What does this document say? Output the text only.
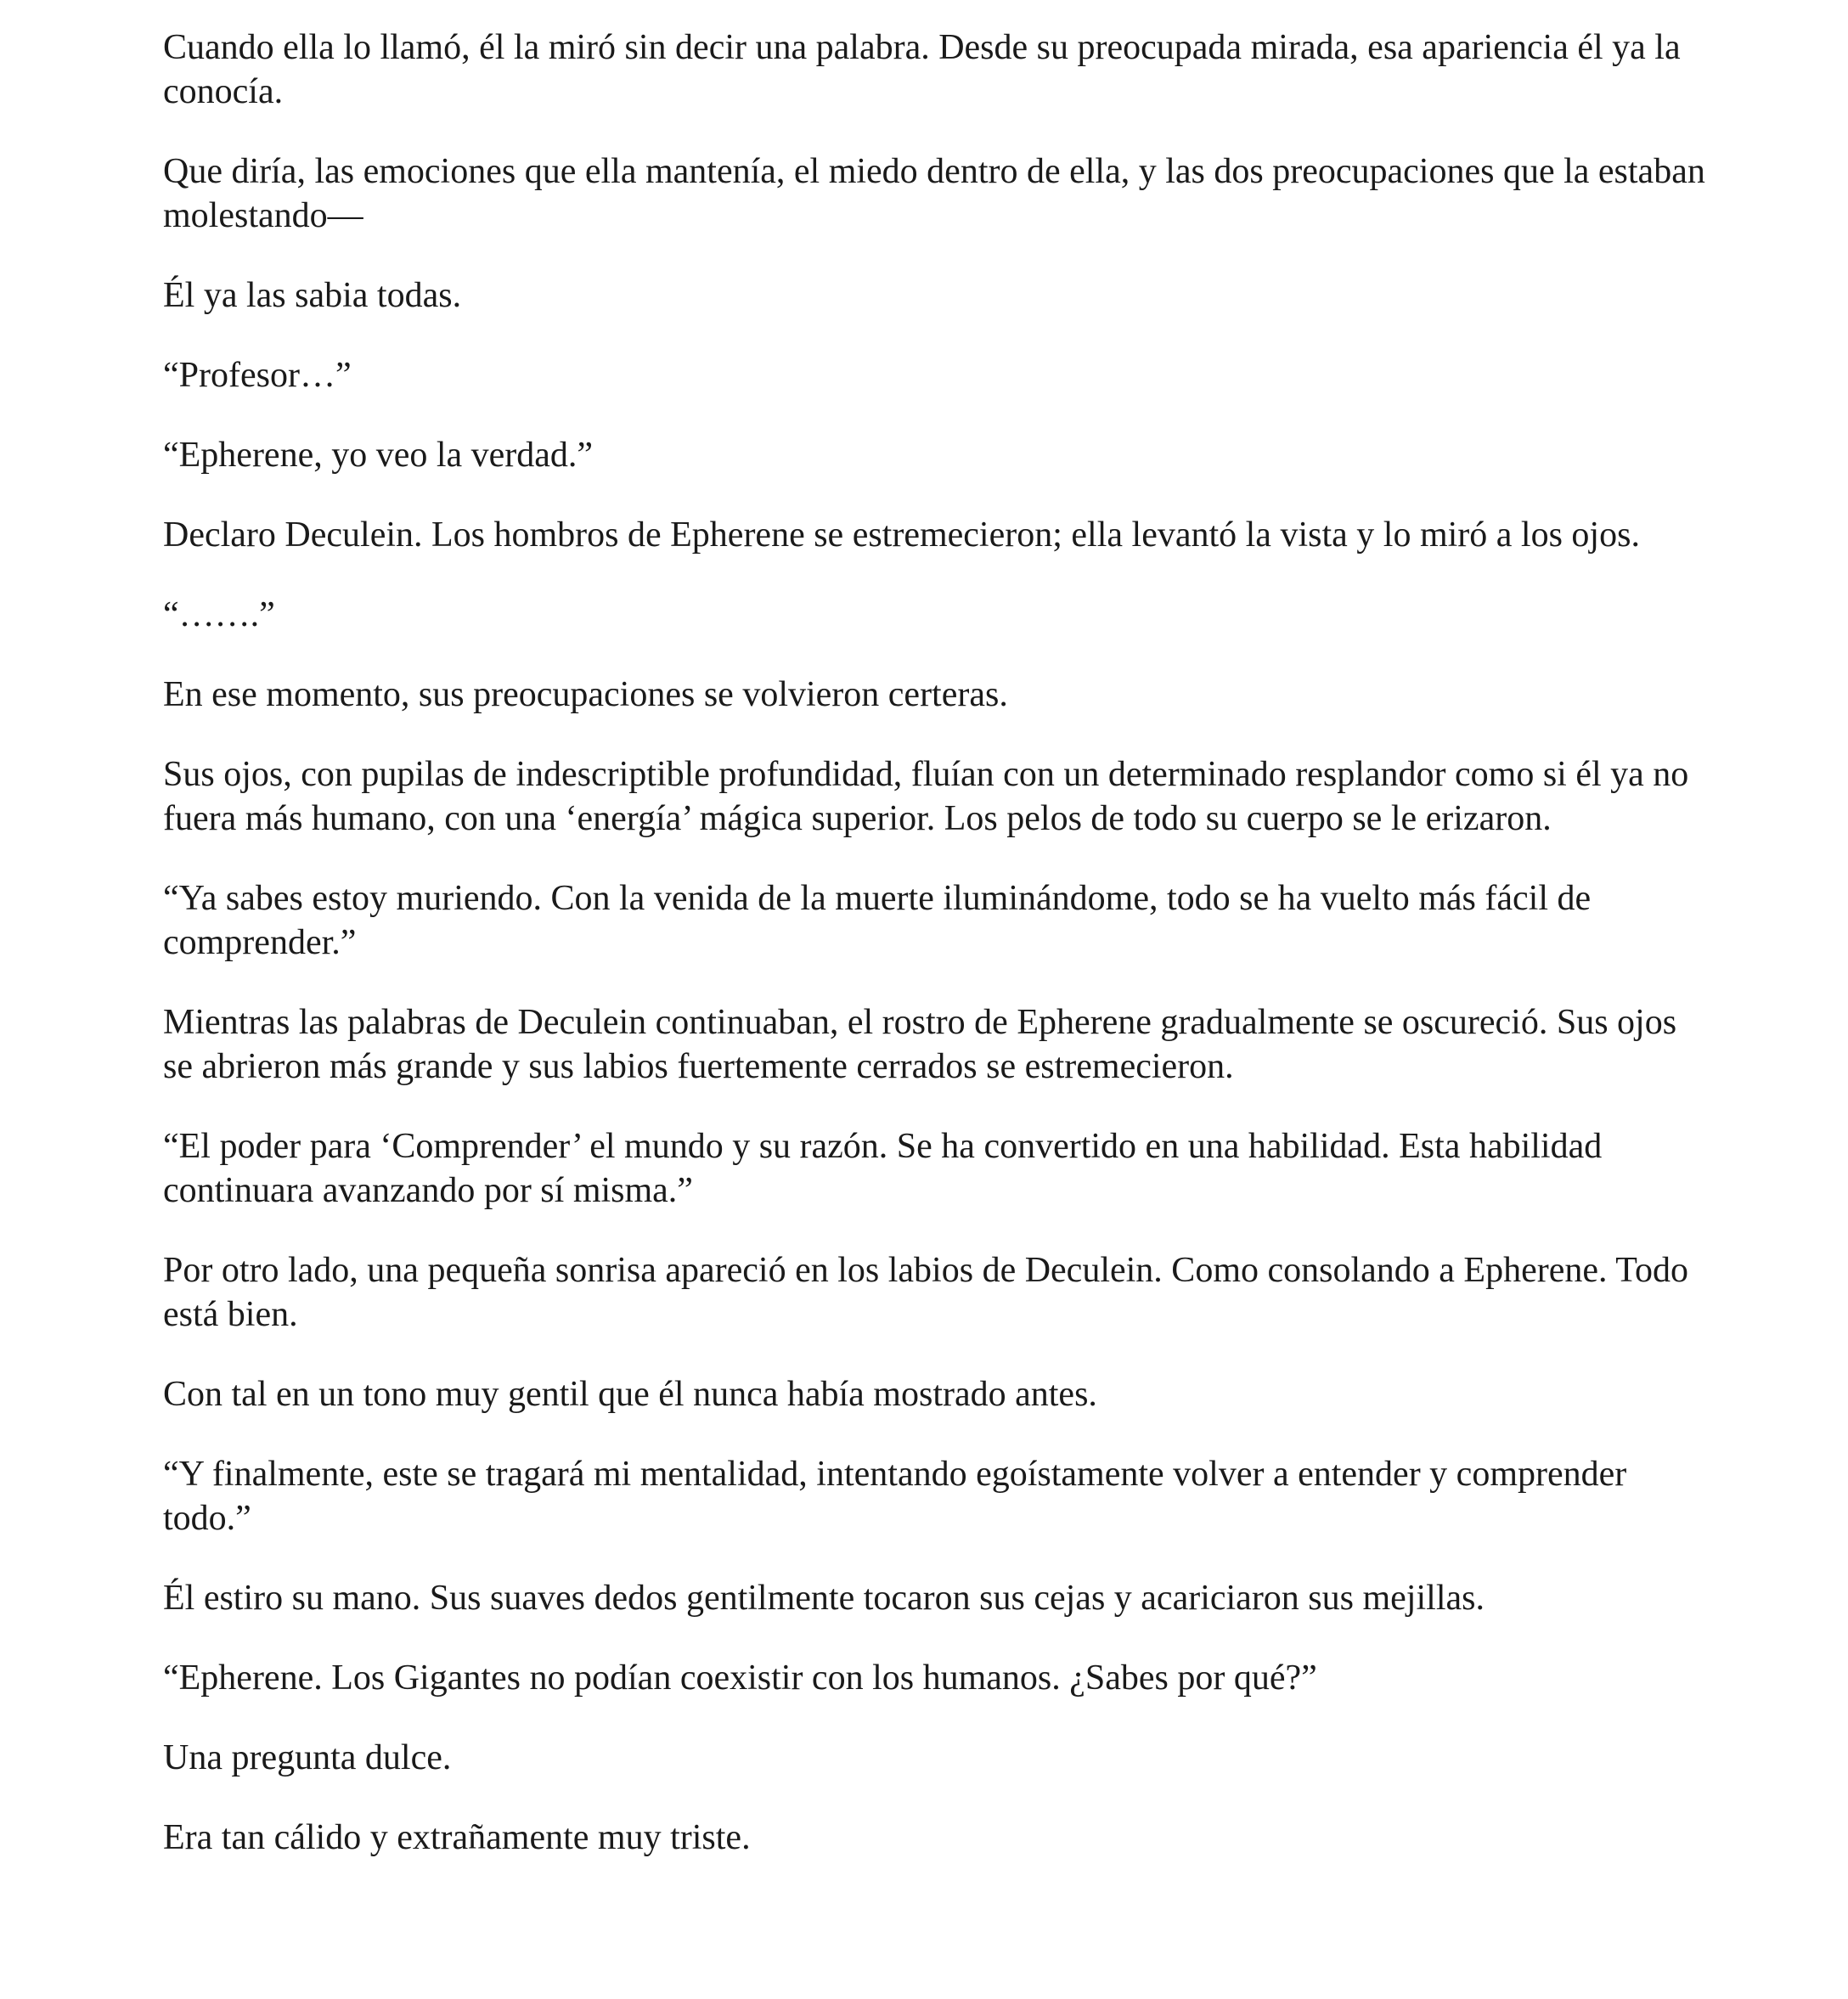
Cuando ella lo llamó, él la miró sin decir una palabra. Desde su preocupada mirada, esa apariencia él ya la conocía.

Que diría, las emociones que ella mantenía, el miedo dentro de ella, y las dos preocupaciones que la estaban molestando—

Él ya las sabia todas.

“Profesor…”

“Epherene, yo veo la verdad.”

Declaro Deculein. Los hombros de Epherene se estremecieron; ella levantó la vista y lo miró a los ojos.

“…….”

En ese momento, sus preocupaciones se volvieron certeras.

Sus ojos, con pupilas de indescriptible profundidad, fluían con un determinado resplandor como si él ya no fuera más humano, con una ‘energía’ mágica superior. Los pelos de todo su cuerpo se le erizaron.

“Ya sabes estoy muriendo. Con la venida de la muerte iluminándome, todo se ha vuelto más fácil de comprender.”

Mientras las palabras de Deculein continuaban, el rostro de Epherene gradualmente se oscureció. Sus ojos se abrieron más grande y sus labios fuertemente cerrados se estremecieron.

“El poder para ‘Comprender’ el mundo y su razón. Se ha convertido en una habilidad. Esta habilidad continuara avanzando por sí misma.”

Por otro lado, una pequeña sonrisa apareció en los labios de Deculein. Como consolando a Epherene. Todo está bien.

Con tal en un tono muy gentil que él nunca había mostrado antes.

“Y finalmente, este se tragará mi mentalidad, intentando egoístamente volver a entender y comprender todo.”

Él estiro su mano. Sus suaves dedos gentilmente tocaron sus cejas y acariciaron sus mejillas.

“Epherene. Los Gigantes no podían coexistir con los humanos. ¿Sabes por qué?”

Una pregunta dulce.

Era tan cálido y extrañamente muy triste.
